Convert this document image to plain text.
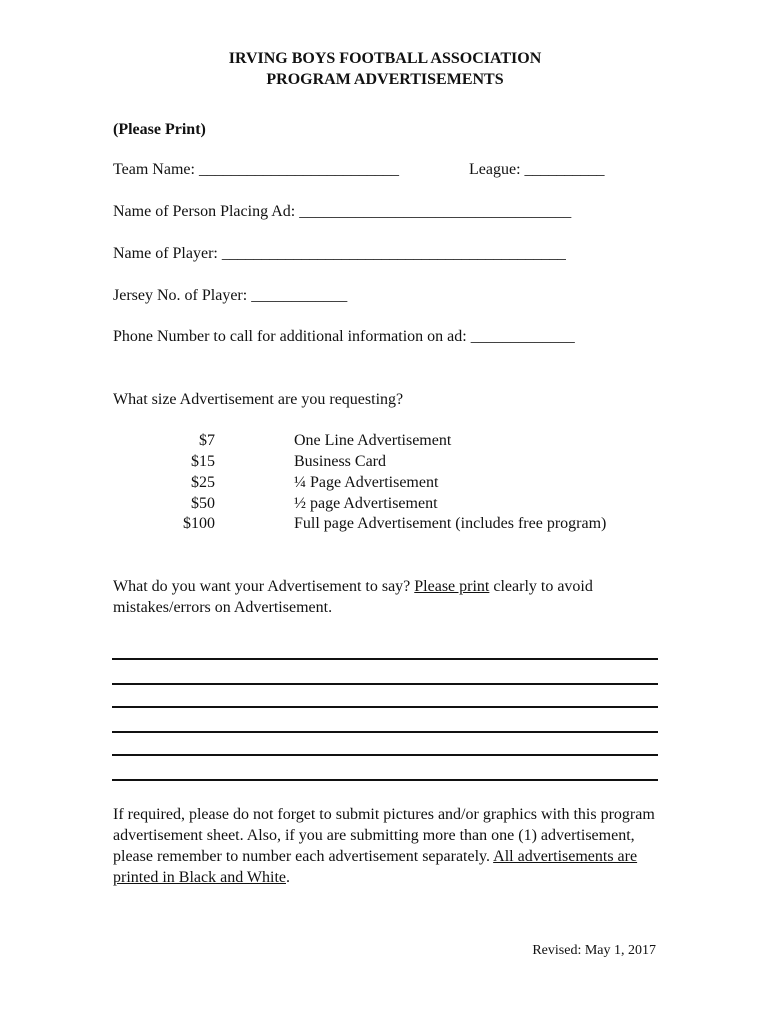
IRVING BOYS FOOTBALL ASSOCIATION
PROGRAM ADVERTISEMENTS
(Please Print)
Team Name: _________________________	League: __________
Name of Person Placing Ad: __________________________________
Name of Player: ___________________________________________
Jersey No. of Player: ____________
Phone Number to call for additional information on ad: _____________
What size Advertisement are you requesting?
$7	One Line Advertisement
$15	Business Card
$25	¼ Page Advertisement
$50	½ page Advertisement
$100	Full page Advertisement (includes free program)
What do you want your Advertisement to say? Please print clearly to avoid
mistakes/errors on Advertisement.
If required, please do not forget to submit pictures and/or graphics with this program advertisement sheet. Also, if you are submitting more than one (1) advertisement, please remember to number each advertisement separately. All advertisements are printed in Black and White.
Revised: May 1, 2017
